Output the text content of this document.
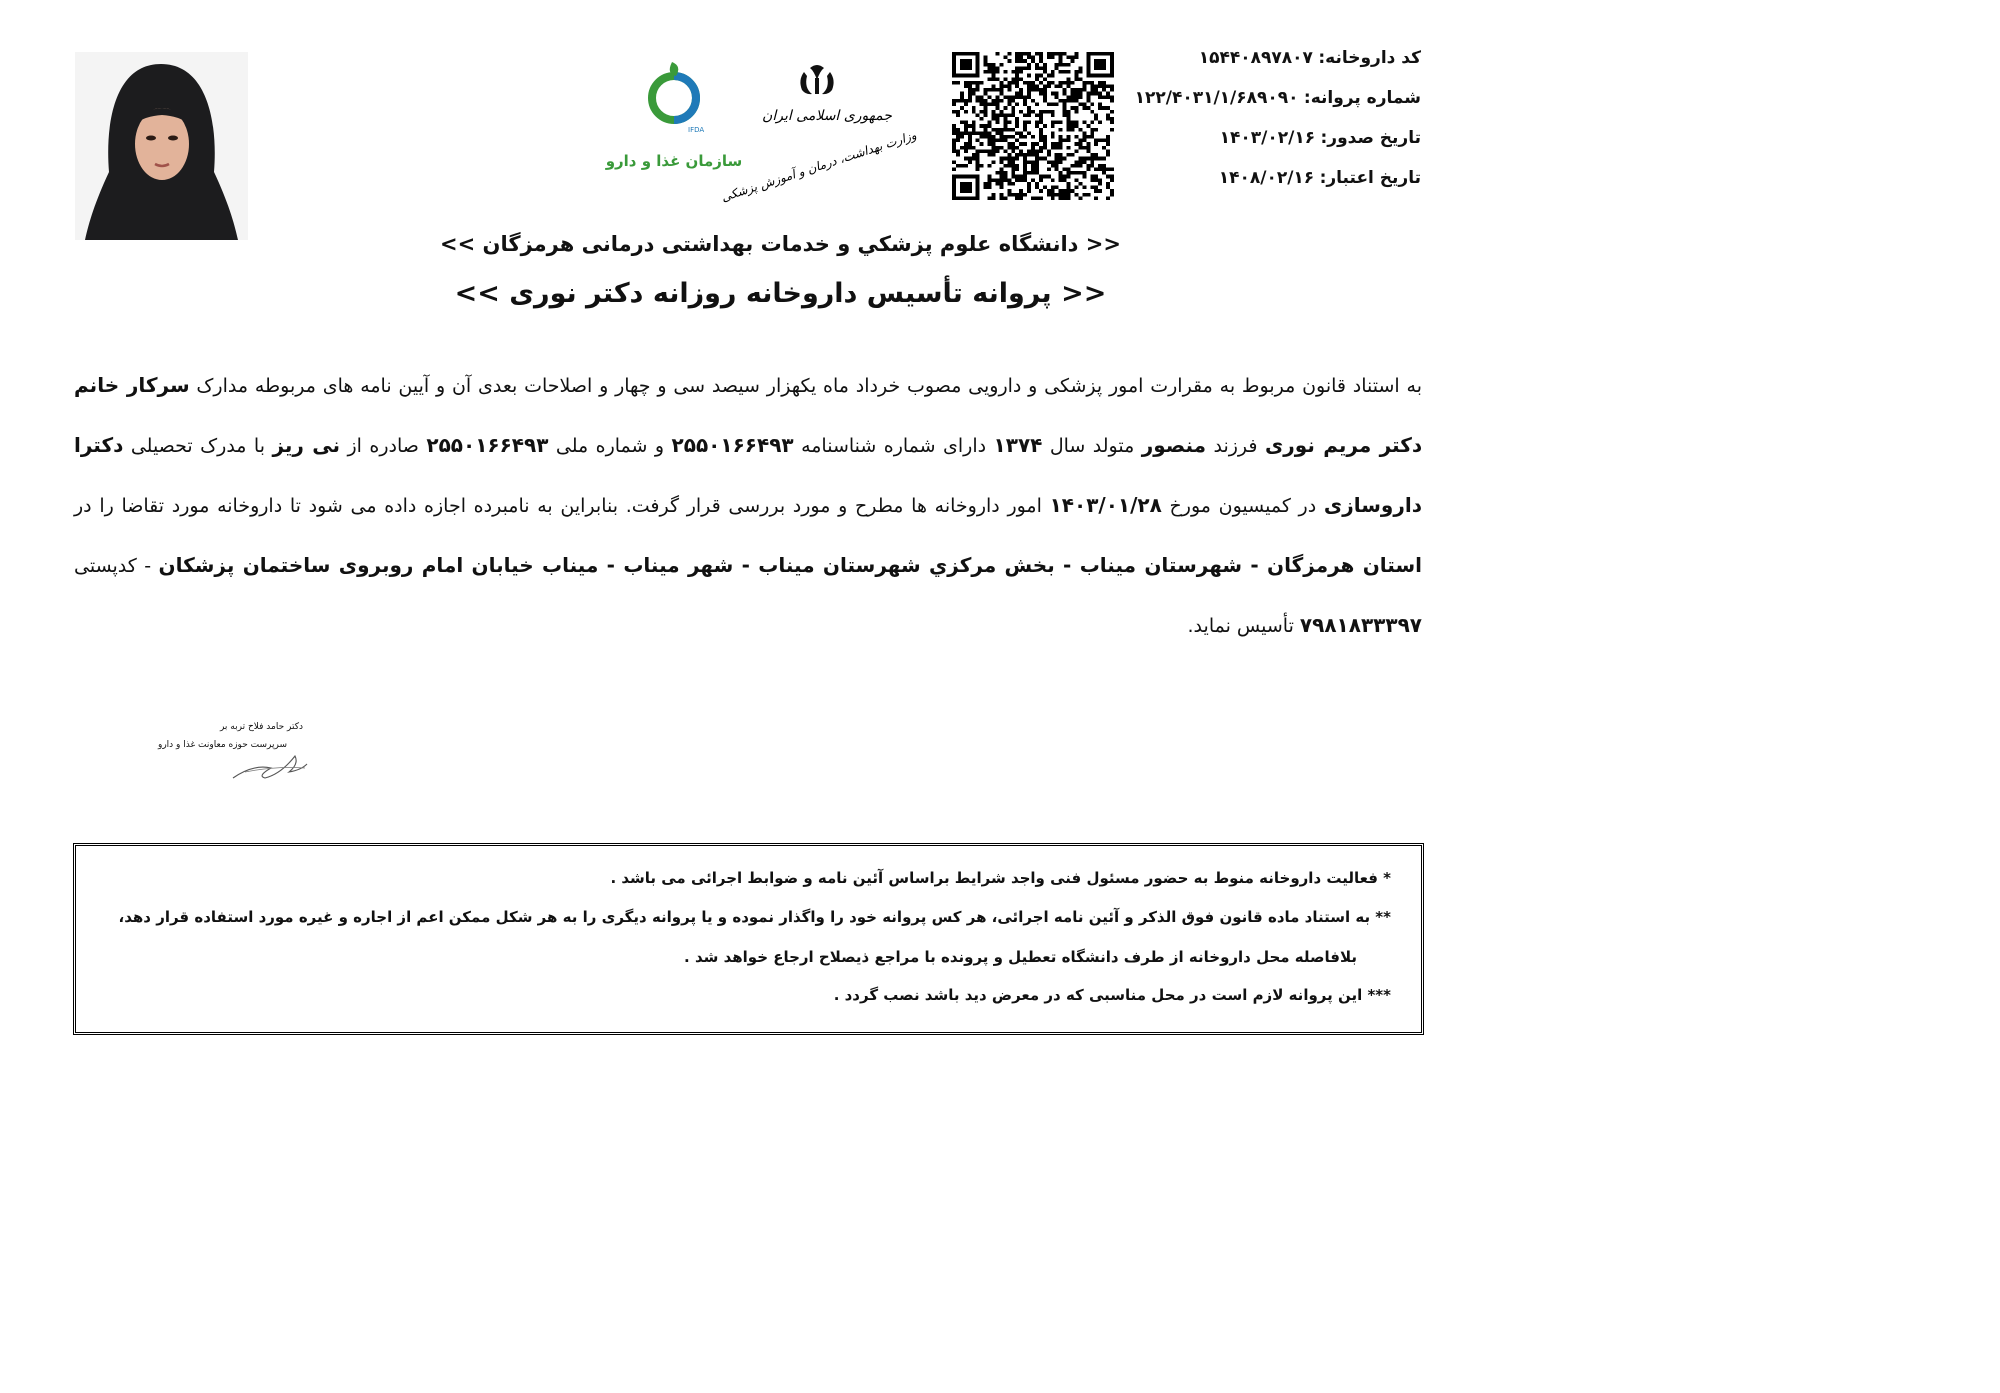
کد داروخانه: ۱۵۴۴۰۸۹۷۸۰۷
شماره پروانه: ۱۲۲/۴۰۳۱/۱/۶۸۹۰۹۰
تاریخ صدور: ۱۴۰۳/۰۲/۱۶
تاریخ اعتبار: ۱۴۰۸/۰۲/۱۶
جمهوری اسلامی ایران
وزارت بهداشت، درمان و آموزش پزشکی
IFDA
سازمان غذا و دارو
<< دانشگاه علوم پزشكي و خدمات بهداشتی درمانی هرمزگان >>
<< پروانه تأسیس داروخانه روزانه دکتر نوری >>
به استناد قانون مربوط به مقرارت امور پزشکی و دارویی مصوب خرداد ماه یکهزار سیصد سی و چهار و اصلاحات بعدی آن و آیین نامه های مربوطه مدارک سرکار خانم دکتر مریم نوری فرزند منصور متولد سال ۱۳۷۴ دارای شماره شناسنامه ۲۵۵۰۱۶۶۴۹۳ و شماره ملی ۲۵۵۰۱۶۶۴۹۳ صادره از نی ریز با مدرک تحصیلی دکترا داروسازی در کمیسیون مورخ ۱۴۰۳/۰۱/۲۸ امور داروخانه ها مطرح و مورد بررسی قرار گرفت. بنابراین به نامبرده اجازه داده می شود تا داروخانه مورد تقاضا را در استان هرمزگان - شهرستان میناب - بخش مرکزي شهرستان میناب - شهر میناب - میناب خیابان امام روبروی ساختمان پزشکان - کدپستی ۷۹۸۱۸۳۳۳۹۷ تأسیس نماید.
دکتر حامد فلاح تربه بر
سرپرست حوزه معاونت غذا و دارو
* فعالیت داروخانه منوط به حضور مسئول فنی واجد شرایط براساس آئین نامه و ضوابط اجرائی می باشد .
** به استناد ماده قانون فوق الذکر و آئین نامه اجرائی، هر کس پروانه خود را واگذار نموده و یا پروانه دیگری را به هر شکل ممکن اعم از اجاره و غیره مورد استفاده قرار دهد،
بلافاصله محل داروخانه از طرف دانشگاه تعطیل و پرونده با مراجع ذیصلاح ارجاع خواهد شد .
*** این پروانه لازم است در محل مناسبی که در معرض دید باشد نصب گردد .
